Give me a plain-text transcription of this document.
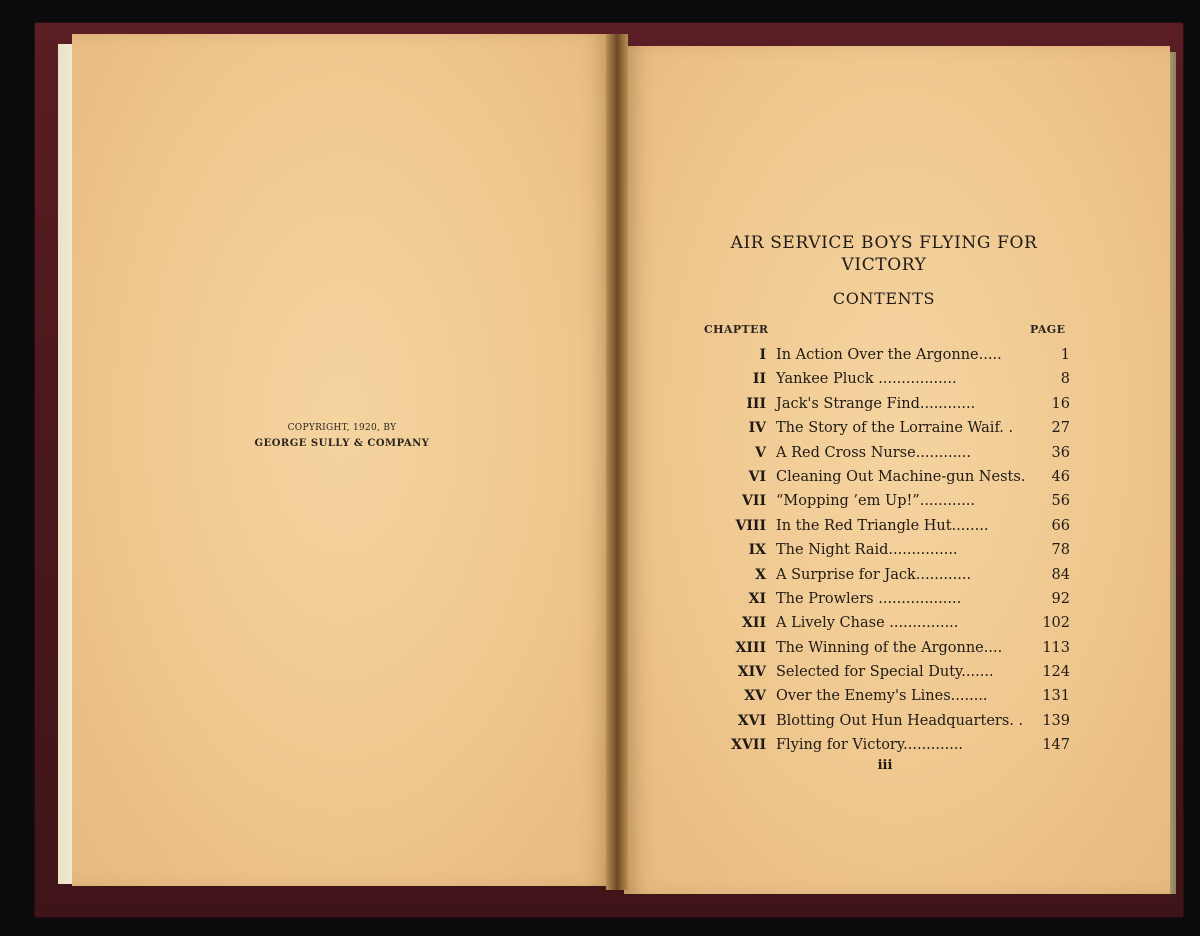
COPYRIGHT, 1920, BY
GEORGE SULLY & COMPANY
AIR SERVICE BOYS FLYING FOR
VICTORY
CONTENTS
CHAPTER	PAGE
I In Action Over the Argonne.....	1
II Yankee Pluck .................	8
III Jack's Strange Find............	16
IV The Story of the Lorraine Waif. .	27
V A Red Cross Nurse............	36
VI Cleaning Out Machine-gun Nests. 46
VII “Mopping ’em Up!”............	56
VIII In the Red Triangle Hut........	66
IX The Night Raid...............	78
X A Surprise for Jack............	84
XI The Prowlers ..................	92
XII A Lively Chase ...............	102
XIII The Winning of the Argonne....	113
XIV Selected for Special Duty.......	124
XV Over the Enemy's Lines........	131
XVI Blotting Out Hun Headquarters. . 139
XVII Flying for Victory.............	147
iii
